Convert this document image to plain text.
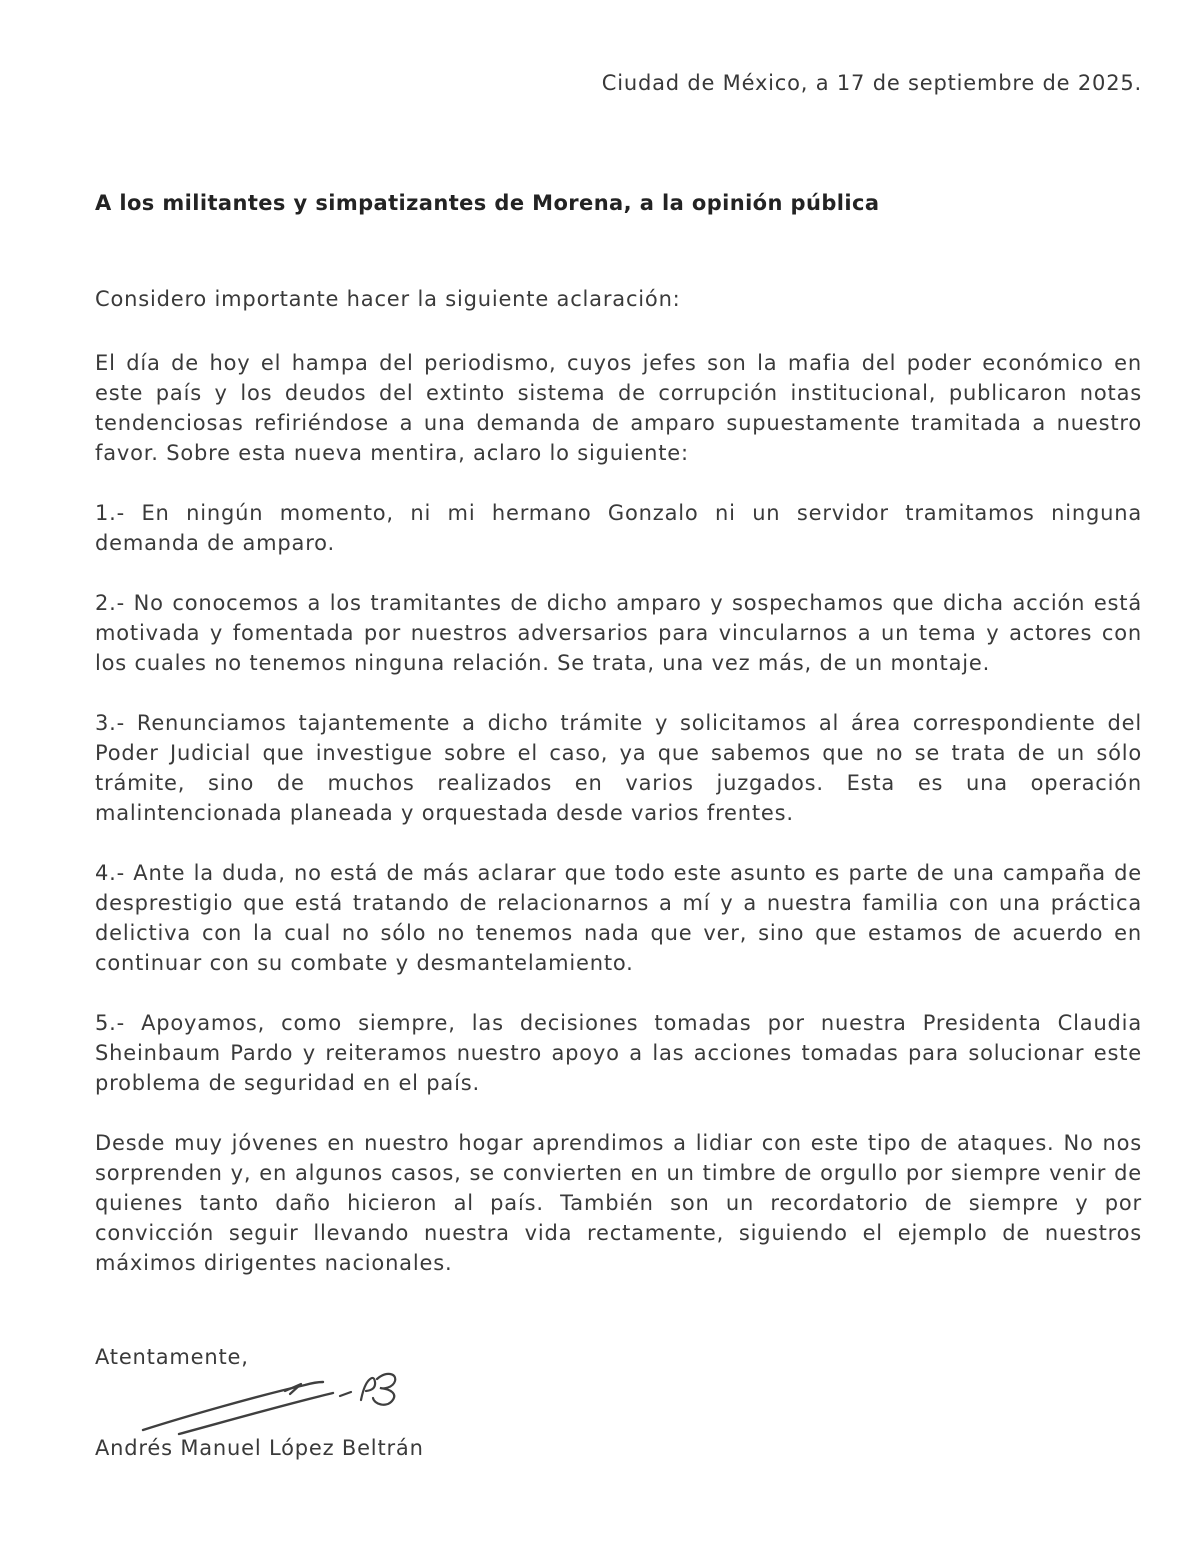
Ciudad de México, a 17 de septiembre de 2025.

A los militantes y simpatizantes de Morena, a la opinión pública

Considero importante hacer la siguiente aclaración:

El día de hoy el hampa del periodismo, cuyos jefes son la mafia del poder económico en este país y los deudos del extinto sistema de corrupción institucional, publicaron notas tendenciosas refiriéndose a una demanda de amparo supuestamente tramitada a nuestro favor. Sobre esta nueva mentira, aclaro lo siguiente:

1.- En ningún momento, ni mi hermano Gonzalo ni un servidor tramitamos ninguna demanda de amparo.

2.- No conocemos a los tramitantes de dicho amparo y sospechamos que dicha acción está motivada y fomentada por nuestros adversarios para vincularnos a un tema y actores con los cuales no tenemos ninguna relación. Se trata, una vez más, de un montaje.

3.- Renunciamos tajantemente a dicho trámite y solicitamos al área correspondiente del Poder Judicial que investigue sobre el caso, ya que sabemos que no se trata de un sólo trámite, sino de muchos realizados en varios juzgados. Esta es una operación malintencionada planeada y orquestada desde varios frentes.

4.- Ante la duda, no está de más aclarar que todo este asunto es parte de una campaña de desprestigio que está tratando de relacionarnos a mí y a nuestra familia con una práctica delictiva con la cual no sólo no tenemos nada que ver, sino que estamos de acuerdo en continuar con su combate y desmantelamiento.

5.- Apoyamos, como siempre, las decisiones tomadas por nuestra Presidenta Claudia Sheinbaum Pardo y reiteramos nuestro apoyo a las acciones tomadas para solucionar este problema de seguridad en el país.

Desde muy jóvenes en nuestro hogar aprendimos a lidiar con este tipo de ataques. No nos sorprenden y, en algunos casos, se convierten en un timbre de orgullo por siempre venir de quienes tanto daño hicieron al país. También son un recordatorio de siempre y por convicción seguir llevando nuestra vida rectamente, siguiendo el ejemplo de nuestros máximos dirigentes nacionales.

Atentamente,

Andrés Manuel López Beltrán
